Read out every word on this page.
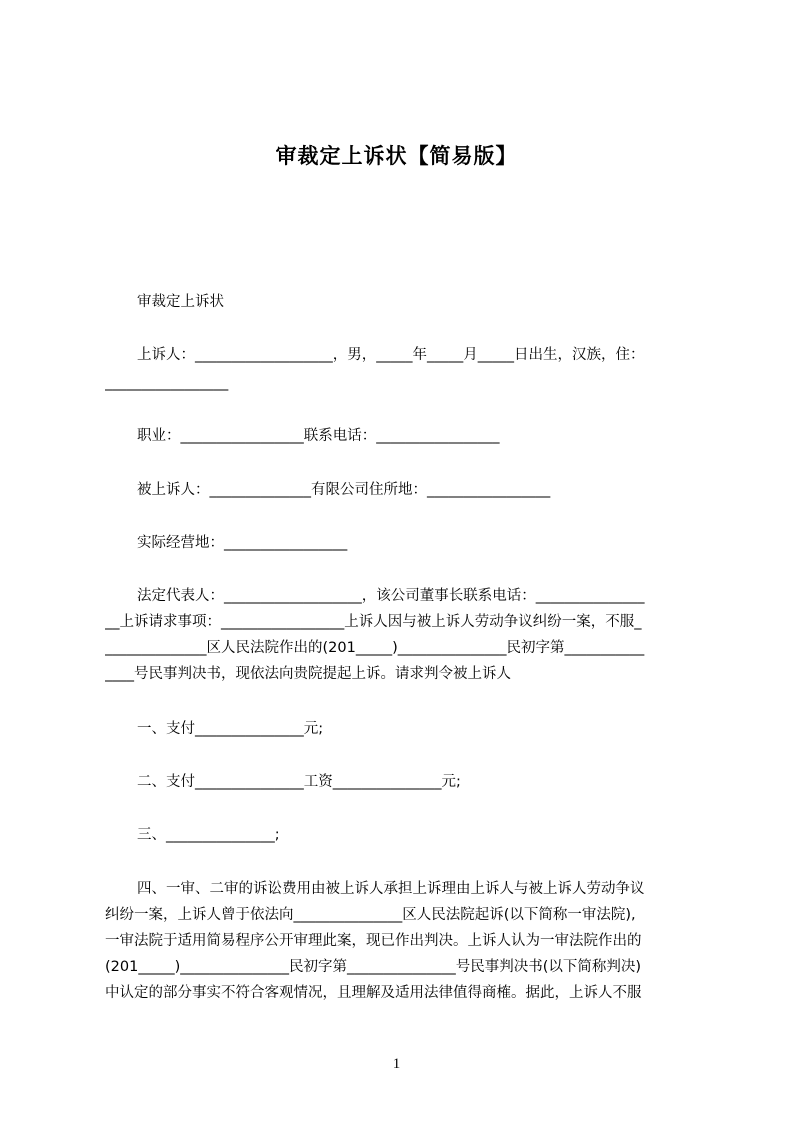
审裁定上诉状【简易版】
审裁定上诉状
上诉人：___________________，男，_____年_____月_____日出生，汉族，住：
_________________
职业：_________________联系电话：_________________
被上诉人：______________有限公司住所地：_________________
实际经营地：_________________
法定代表人：___________________，该公司董事长联系电话：_______________
__上诉请求事项：_________________上诉人因与被上诉人劳动争议纠纷一案，不服_
______________区人民法院作出的(201_____)_______________民初字第___________
____号民事判决书，现依法向贵院提起上诉。请求判令被上诉人
一、支付_______________元;
二、支付_______________工资_______________元;
三、_______________;
四、一审、二审的诉讼费用由被上诉人承担上诉理由上诉人与被上诉人劳动争议
纠纷一案，上诉人曾于依法向_______________区人民法院起诉(以下简称一审法院),
一审法院于适用简易程序公开审理此案，现已作出判决。上诉人认为一审法院作出的
(201_____)_______________民初字第_______________号民事判决书(以下简称判决)
中认定的部分事实不符合客观情况，且理解及适用法律值得商榷。据此，上诉人不服
1
